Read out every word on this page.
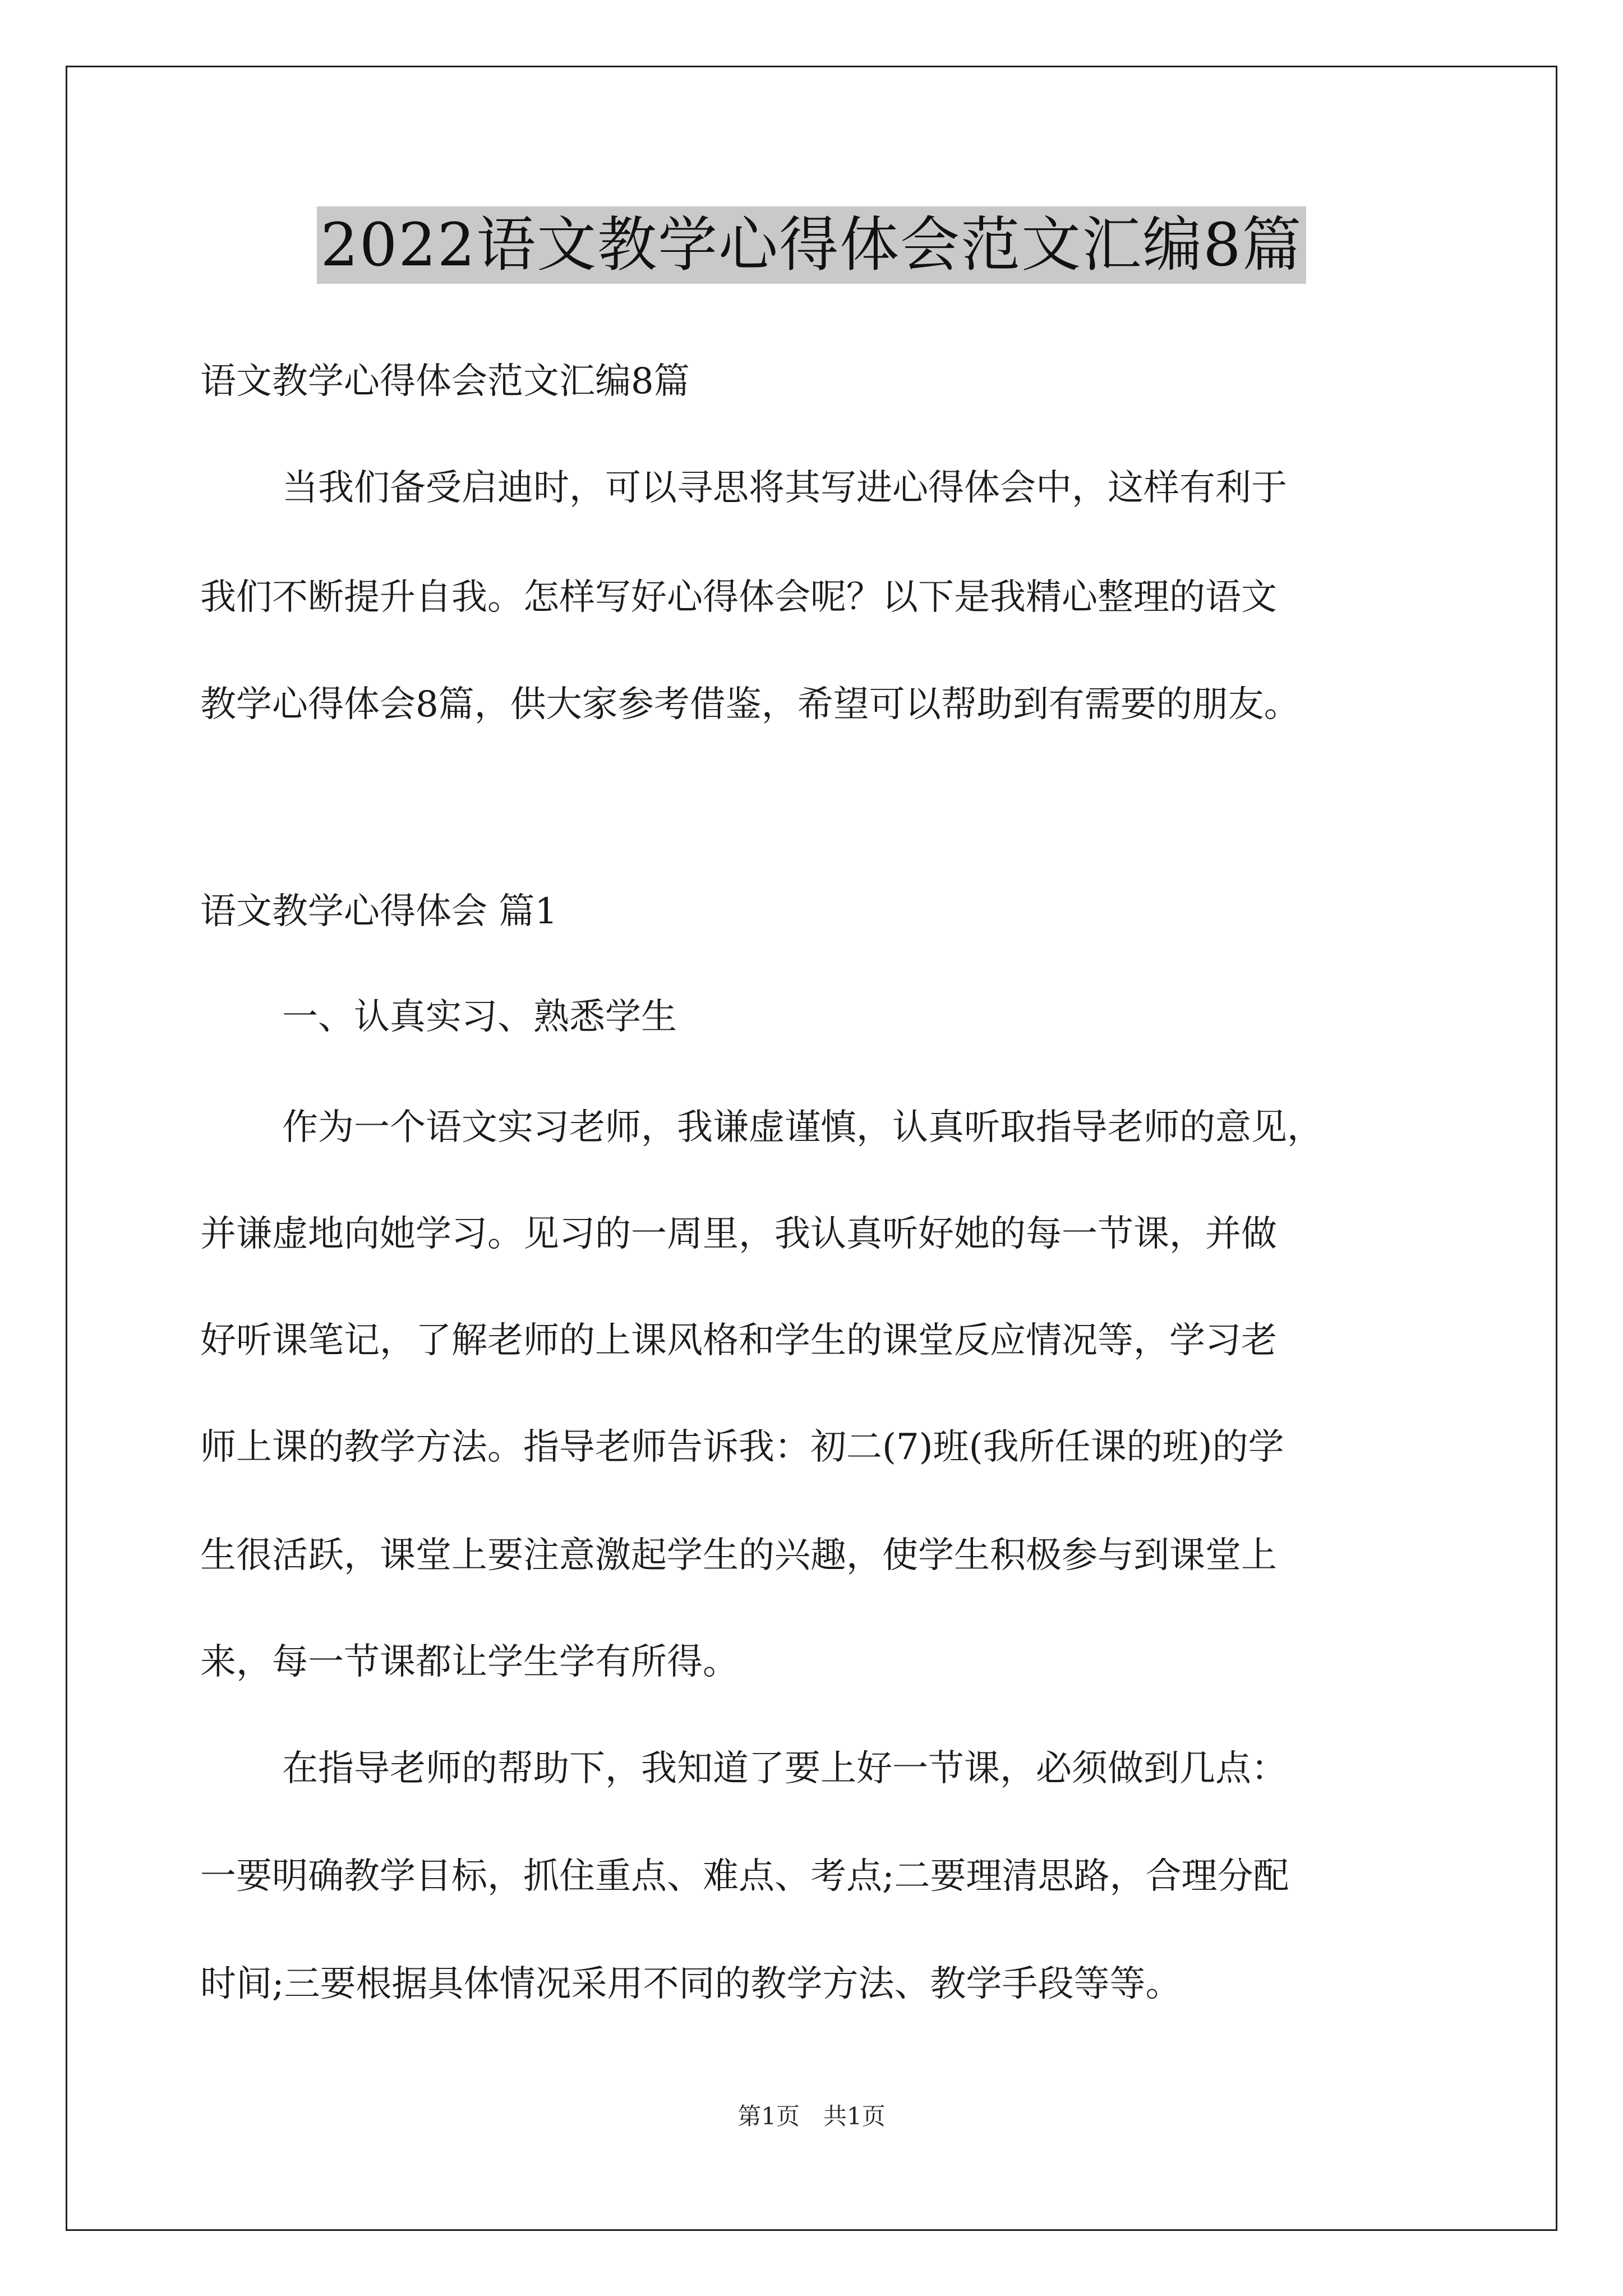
2022语文教学心得体会范文汇编8篇
语文教学心得体会范文汇编8篇
当我们备受启迪时，可以寻思将其写进心得体会中，这样有利于
我们不断提升自我。怎样写好心得体会呢？以下是我精心整理的语文
教学心得体会8篇，供大家参考借鉴，希望可以帮助到有需要的朋友。
语文教学心得体会 篇1
一、认真实习、熟悉学生
作为一个语文实习老师，我谦虚谨慎，认真听取指导老师的意见，
并谦虚地向她学习。见习的一周里，我认真听好她的每一节课，并做
好听课笔记，了解老师的上课风格和学生的课堂反应情况等，学习老
师上课的教学方法。指导老师告诉我：初二(7)班(我所任课的班)的学
生很活跃，课堂上要注意激起学生的兴趣，使学生积极参与到课堂上
来，每一节课都让学生学有所得。
在指导老师的帮助下，我知道了要上好一节课，必须做到几点：
一要明确教学目标，抓住重点、难点、考点;二要理清思路，合理分配
时间;三要根据具体情况采用不同的教学方法、教学手段等等。
第1页　共1页
